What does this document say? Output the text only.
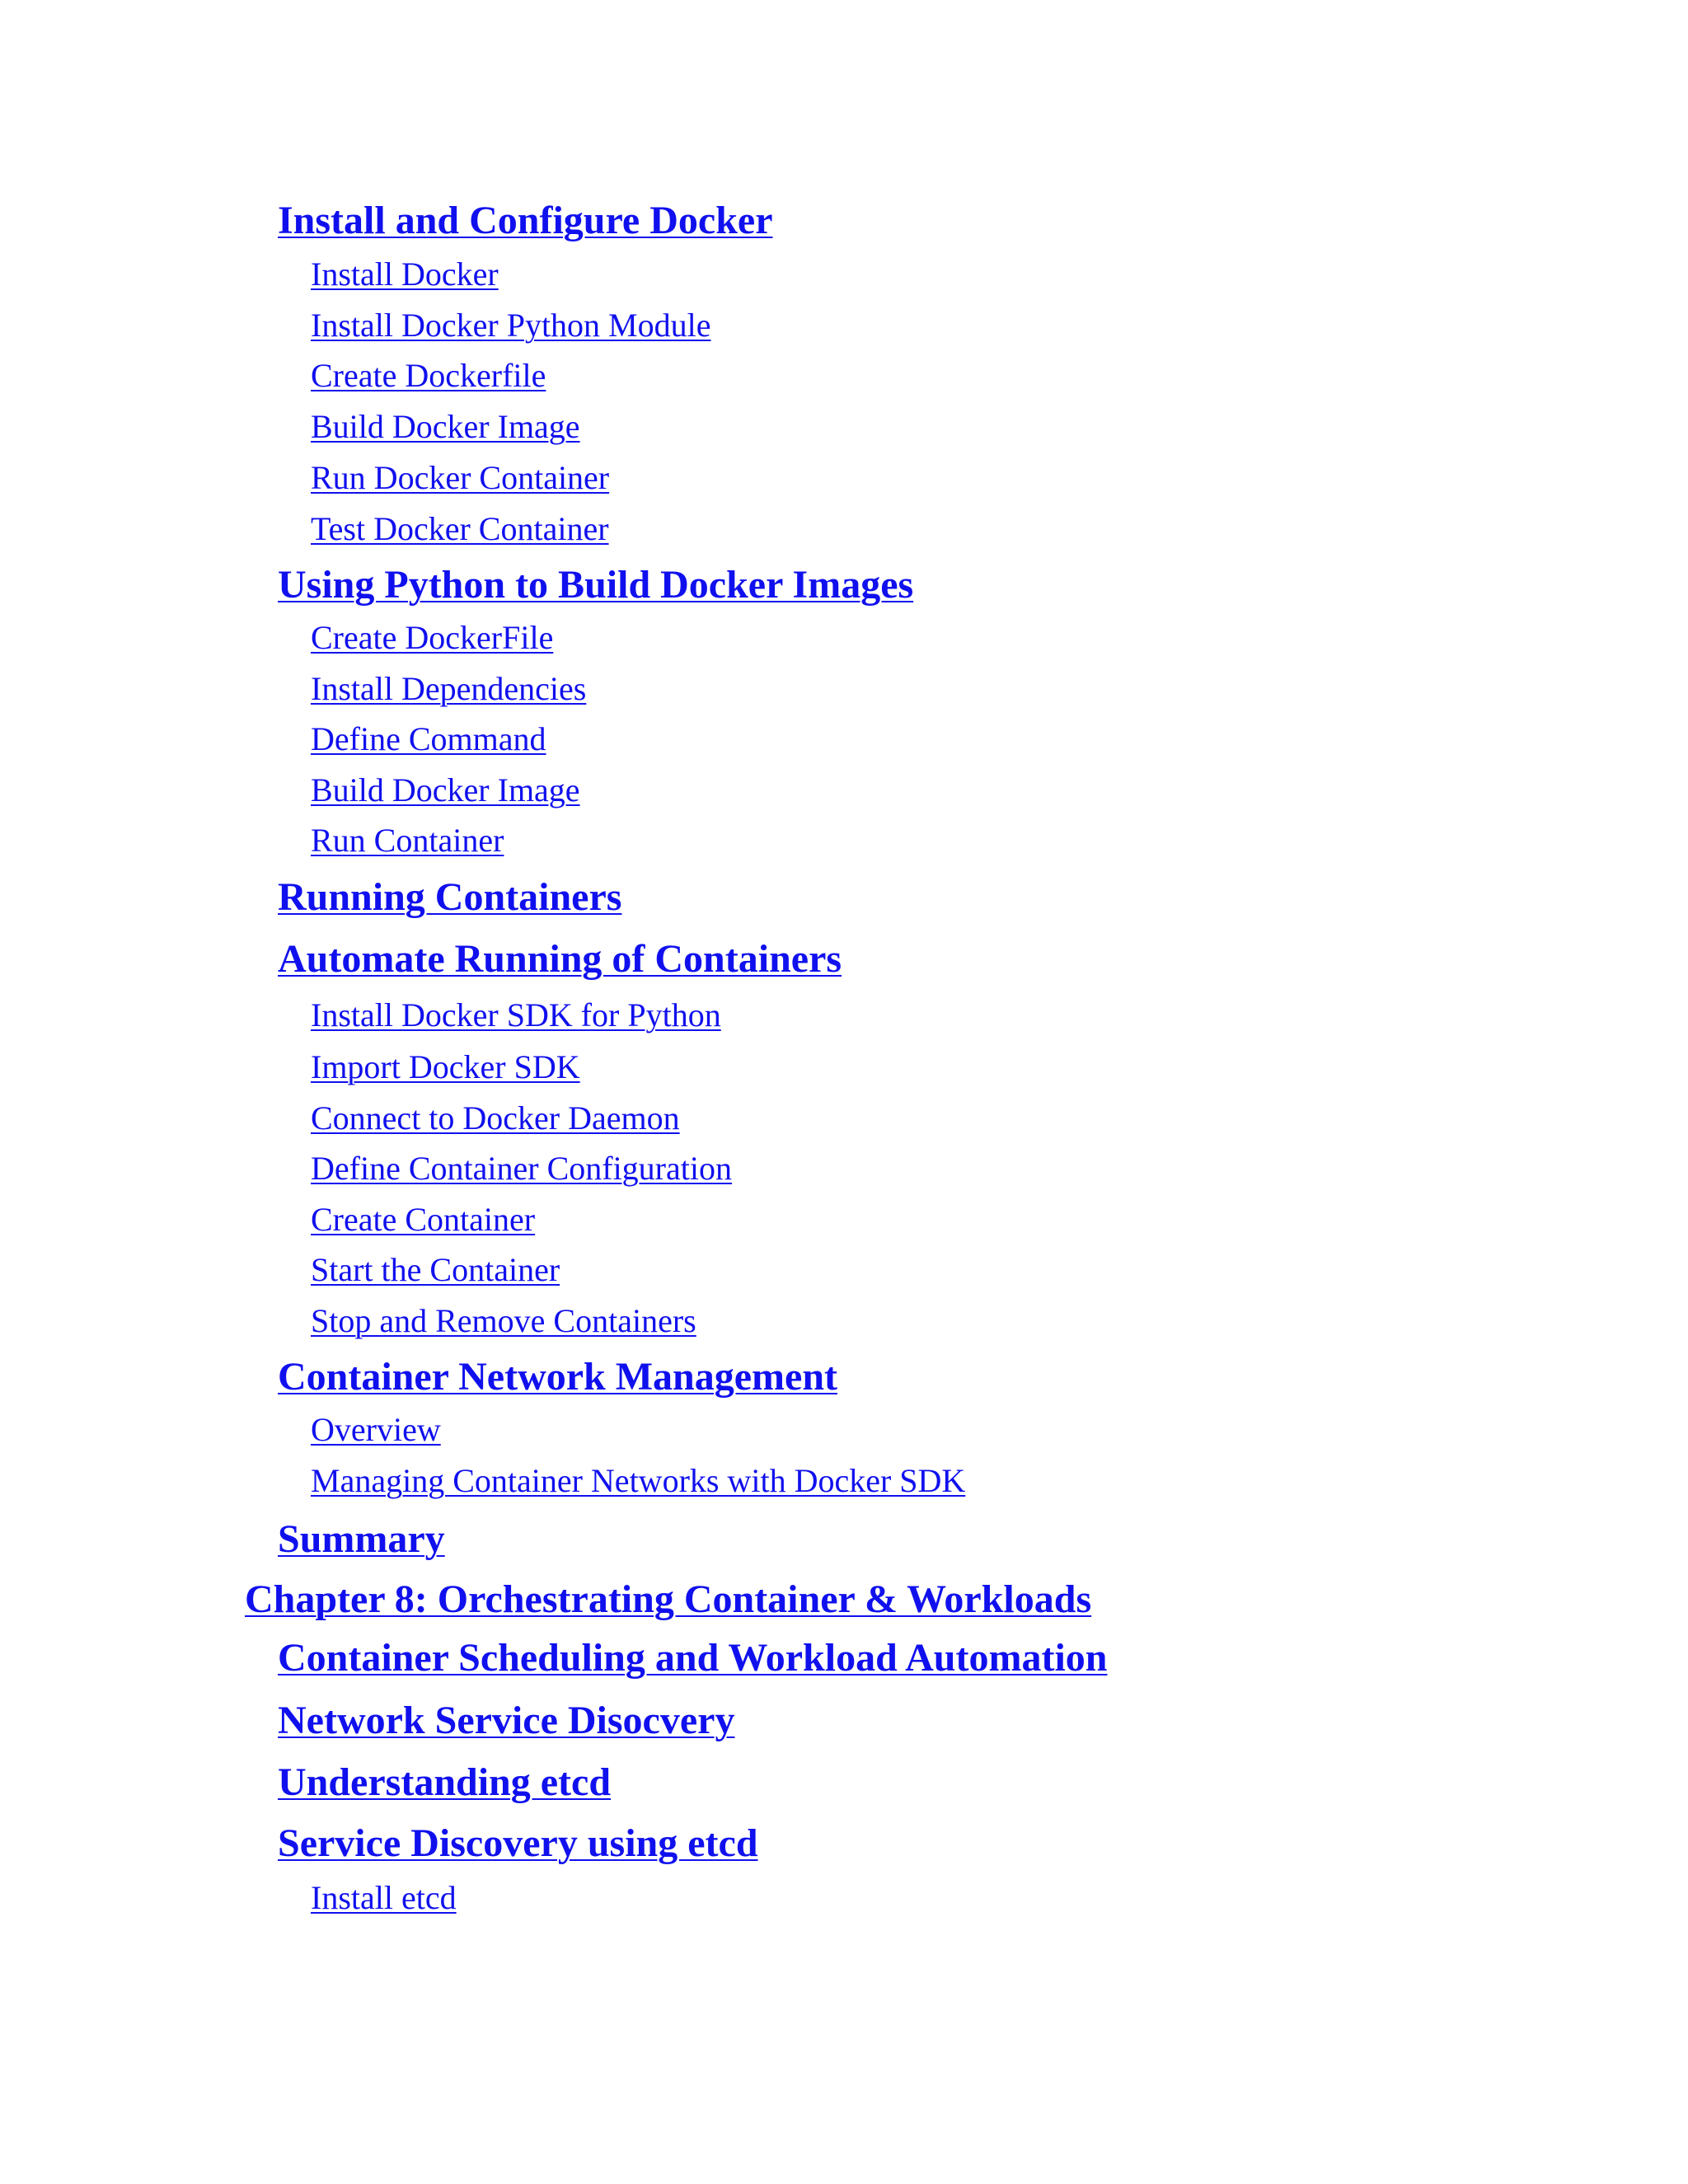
Install and Configure Docker
Install Docker
Install Docker Python Module
Create Dockerfile
Build Docker Image
Run Docker Container
Test Docker Container
Using Python to Build Docker Images
Create DockerFile
Install Dependencies
Define Command
Build Docker Image
Run Container
Running Containers
Automate Running of Containers
Install Docker SDK for Python
Import Docker SDK
Connect to Docker Daemon
Define Container Configuration
Create Container
Start the Container
Stop and Remove Containers
Container Network Management
Overview
Managing Container Networks with Docker SDK
Summary
Chapter 8: Orchestrating Container & Workloads
Container Scheduling and Workload Automation
Network Service Disocvery
Understanding etcd
Service Discovery using etcd
Install etcd
